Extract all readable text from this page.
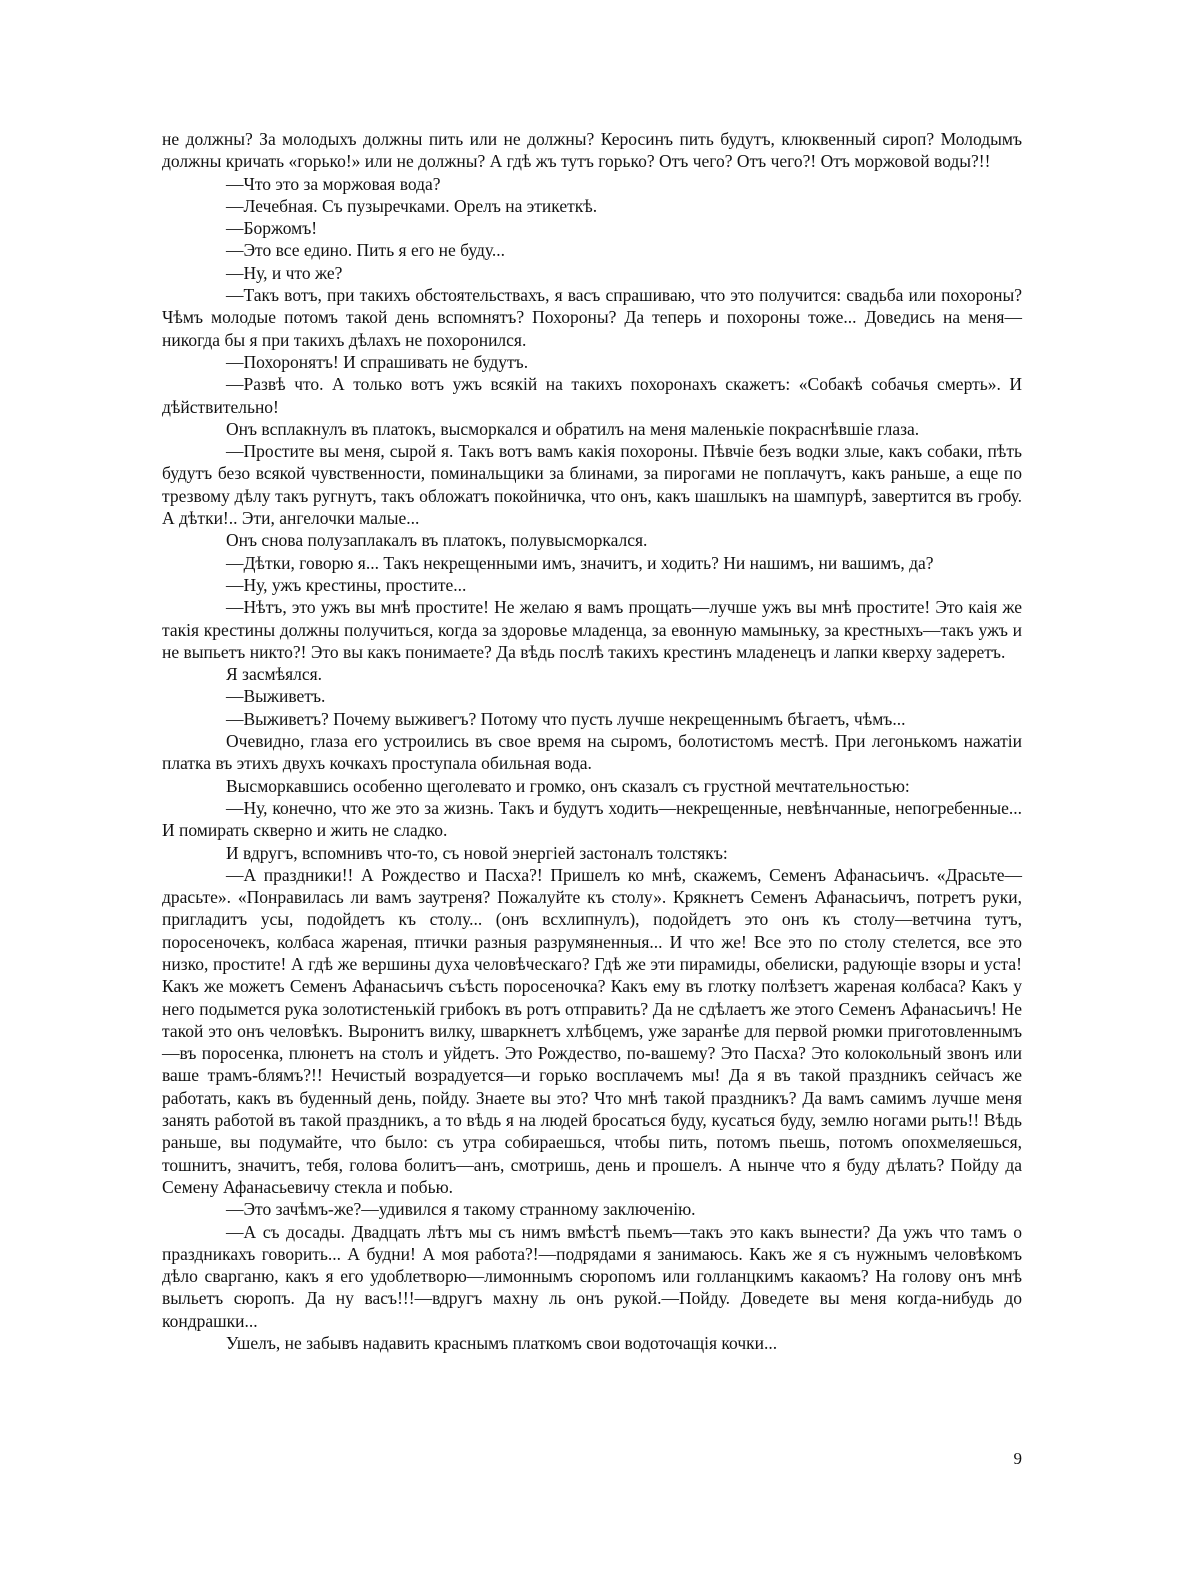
не должны? За молодыхъ должны пить или не должны? Керосинъ пить будутъ, клюквенный сироп? Молодымъ должны кричать «горько!» или не должны? А гдѣ жъ тутъ горько? Отъ чего? Отъ чего?! Отъ моржовой воды?!!

—Что это за моржовая вода?

—Лечебная. Съ пузыречками. Орелъ на этикеткѣ.

—Боржомъ!

—Это все едино. Пить я его не буду...

—Ну, и что же?

—Такъ вотъ, при такихъ обстоятельствахъ, я васъ спрашиваю, что это получится: свадьба или похороны? Чѣмъ молодые потомъ такой день вспомнятъ? Похороны? Да теперь и похороны тоже... Доведись на меня—никогда бы я при такихъ дѣлахъ не похоронился.

—Похоронятъ! И спрашивать не будутъ.

—Развѣ что. А только вотъ ужъ всякій на такихъ похоронахъ скажетъ: «Собакѣ собачья смерть». И дѣйствительно!

Онъ всплакнулъ въ платокъ, высморкался и обратилъ на меня маленькіе покраснѣвшіе глаза.

—Простите вы меня, сырой я. Такъ вотъ вамъ какія похороны. Пѣвчіе безъ водки злые, какъ собаки, пѣть будутъ безо всякой чувственности, поминальщики за блинами, за пирогами не поплачутъ, какъ раньше, а еще по трезвому дѣлу такъ ругнутъ, такъ обложатъ покойничка, что онъ, какъ шашлыкъ на шампурѣ, завертится въ гробу. А дѣтки!.. Эти, ангелочки малые...

Онъ снова полузаплакалъ въ платокъ, полувысморкался.

—Дѣтки, говорю я... Такъ некрещенными имъ, значитъ, и ходить? Ни нашимъ, ни вашимъ, да?

—Ну, ужъ крестины, простите...

—Нѣтъ, это ужъ вы мнѣ простите! Не желаю я вамъ прощать—лучше ужъ вы мнѣ простите! Это каія же такія крестины должны получиться, когда за здоровье младенца, за евонную мамыньку, за крестныхъ—такъ ужъ и не выпьетъ никто?! Это вы какъ понимаете? Да вѣдь послѣ такихъ крестинъ младенецъ и лапки кверху задеретъ.

Я засмѣялся.

—Выживетъ.

—Выживетъ? Почему выживегъ? Потому что пусть лучше некрещеннымъ бѣгаетъ, чѣмъ...

Очевидно, глаза его устроились въ свое время на сыромъ, болотистомъ местѣ. При легонькомъ нажатіи платка въ этихъ двухъ кочкахъ проступала обильная вода.

Высморкавшись особенно щеголевато и громко, онъ сказалъ съ грустной мечтательностью:

—Ну, конечно, что же это за жизнь. Такъ и будутъ ходить—некрещенные, невѣнчанные, непогребенные... И помирать скверно и жить не сладко.

И вдругъ, вспомнивъ что-то, съ новой энергіей застоналъ толстякъ:

—А праздники!! А Рождество и Пасха?! Пришелъ ко мнѣ, скажемъ, Семенъ Афанасьичъ. «Драсьте—драсьте». «Понравилась ли вамъ заутреня? Пожалуйте къ столу». Крякнетъ Семенъ Афанасьичъ, потретъ руки, пригладитъ усы, подойдетъ къ столу... (онъ всхлипнулъ), подойдетъ это онъ къ столу—ветчина тутъ, поросеночекъ, колбаса жареная, птички разныя разрумяненныя... И что же! Все это по столу стелется, все это низко, простите! А гдѣ же вершины духа человѣческаго? Гдѣ же эти пирамиды, обелиски, радующіе взоры и уста! Какъ же можетъ Семенъ Афанасьичъ съѣсть поросеночка? Какъ ему въ глотку полѣзетъ жареная колбаса? Какъ у него подымется рука золотистенькій грибокъ въ ротъ отправить? Да не сдѣлаетъ же этого Семенъ Афанасьичъ! Не такой это онъ человѣкъ. Выронитъ вилку, шваркнетъ хлѣбцемъ, уже заранѣе для первой рюмки приготовленнымъ—въ поросенка, плюнетъ на столъ и уйдетъ. Это Рождество, по-вашему? Это Пасха? Это колокольный звонъ или ваше трамъ-блямъ?!! Нечистый возрадуется—и горько восплачемъ мы! Да я въ такой праздникъ сейчасъ же работать, какъ въ буденный день, пойду. Знаете вы это? Что мнѣ такой праздникъ? Да вамъ самимъ лучше меня занять работой въ такой праздникъ, а то вѣдь я на людей бросаться буду, кусаться буду, землю ногами рыть!! Вѣдь раньше, вы подумайте, что было: съ утра собираешься, чтобы пить, потомъ пьешь, потомъ опохмеляешься, тошнитъ, значитъ, тебя, голова болитъ—анъ, смотришь, день и прошелъ. А нынче что я буду дѣлать? Пойду да Семену Афанасьевичу стекла и побью.

—Это зачѣмъ-же?—удивился я такому странному заключенію.

—А съ досады. Двадцать лѣтъ мы съ нимъ вмѣстѣ пьемъ—такъ это какъ вынести? Да ужъ что тамъ о праздникахъ говорить... А будни! А моя работа?!—подрядами я занимаюсь. Какъ же я съ нужнымъ человѣкомъ дѣло сварганю, какъ я его удоблетворю—лимоннымъ сюропомъ или голланцкимъ какаомъ? На голову онъ мнѣ выльетъ сюропъ. Да ну васъ!!!—вдругъ махну ль онъ рукой.—Пойду. Доведете вы меня когда-нибудь до кондрашки...

Ушелъ, не забывъ надавить краснымъ платкомъ свои водоточащія кочки...

9
